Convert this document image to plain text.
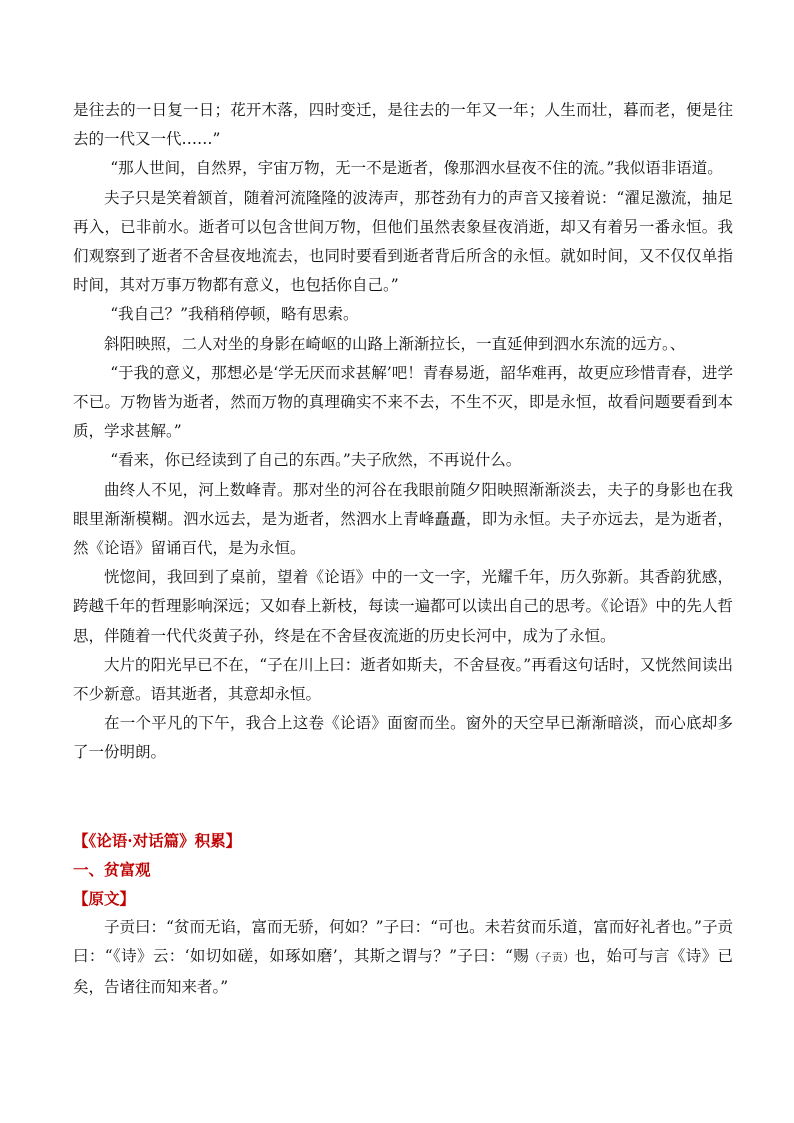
是往去的一日复一日；花开木落，四时变迁，是往去的一年又一年；人生而壮，暮而老，便是往去的一代又一代……”

“那人世间，自然界，宇宙万物，无一不是逝者，像那泗水昼夜不住的流。”我似语非语道。

夫子只是笑着颔首，随着河流隆隆的波涛声，那苍劲有力的声音又接着说：“濯足激流，抽足再入，已非前水。逝者可以包含世间万物，但他们虽然表象昼夜消逝，却又有着另一番永恒。我们观察到了逝者不舍昼夜地流去，也同时要看到逝者背后所含的永恒。就如时间，又不仅仅单指时间，其对万事万物都有意义，也包括你自己。”

“我自己？”我稍稍停顿，略有思索。

斜阳映照，二人对坐的身影在崎岖的山路上渐渐拉长，一直延伸到泗水东流的远方。、

“于我的意义，那想必是‘学无厌而求甚解’吧！青春易逝，韶华难再，故更应珍惜青春，进学不已。万物皆为逝者，然而万物的真理确实不来不去，不生不灭，即是永恒，故看问题要看到本质，学求甚解。”

“看来，你已经读到了自己的东西。”夫子欣然，不再说什么。

曲终人不见，河上数峰青。那对坐的河谷在我眼前随夕阳映照渐渐淡去，夫子的身影也在我眼里渐渐模糊。泗水远去，是为逝者，然泗水上青峰矗矗，即为永恒。夫子亦远去，是为逝者，然《论语》留诵百代，是为永恒。

恍惚间，我回到了桌前，望着《论语》中的一文一字，光耀千年，历久弥新。其香韵犹感，跨越千年的哲理影响深远；又如春上新枝，每读一遍都可以读出自己的思考。《论语》中的先人哲思，伴随着一代代炎黄子孙，终是在不舍昼夜流逝的历史长河中，成为了永恒。

大片的阳光早已不在，“子在川上曰：逝者如斯夫，不舍昼夜。”再看这句话时，又恍然间读出不少新意。语其逝者，其意却永恒。

在一个平凡的下午，我合上这卷《论语》面窗而坐。窗外的天空早已渐渐暗淡，而心底却多了一份明朗。

【《论语·对话篇》积累】

一、贫富观

【原文】

子贡曰：“贫而无谄，富而无骄，何如？”子曰：“可也。未若贫而乐道，富而好礼者也。”子贡曰：“《诗》云：‘如切如磋，如琢如磨’，其斯之谓与？”子曰：“赐（子贡）也，始可与言《诗》已矣，告诸往而知来者。”
